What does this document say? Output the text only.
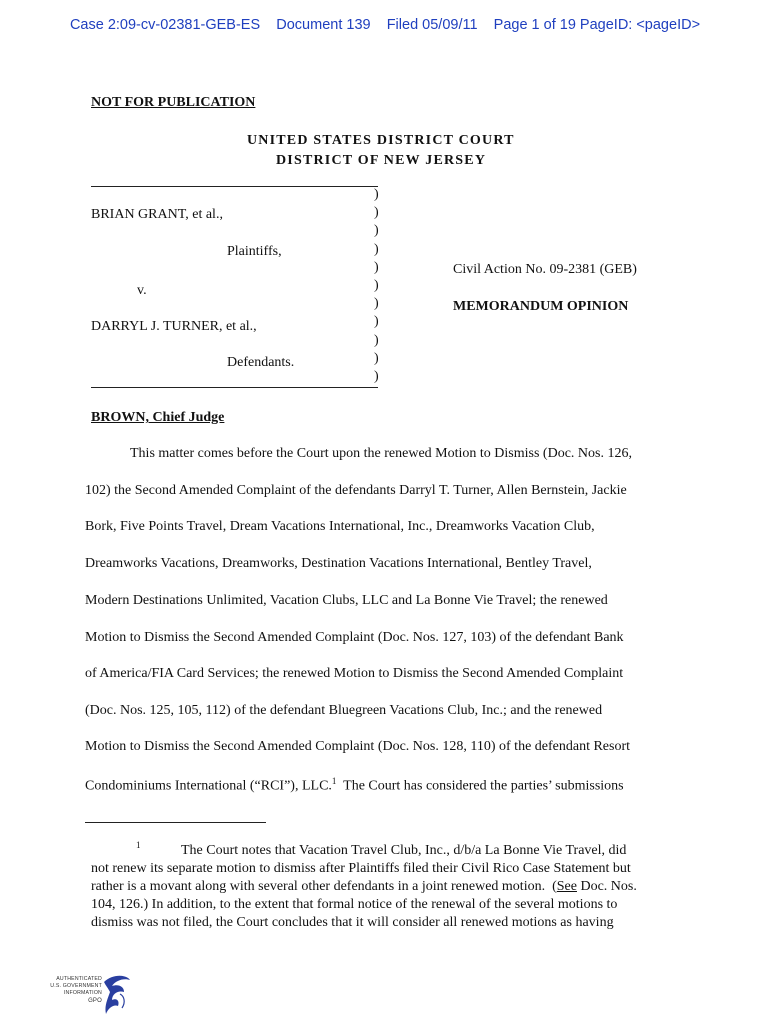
Case 2:09-cv-02381-GEB-ES Document 139 Filed 05/09/11 Page 1 of 19 PageID: <pageID>
NOT FOR PUBLICATION
UNITED STATES DISTRICT COURT
DISTRICT OF NEW JERSEY
BRIAN GRANT, et al.,
Plaintiffs,
v.
DARRYL J. TURNER, et al.,
Defendants.
)
)
)
)
)
)
)
)
)
)
)
Civil Action No. 09-2381 (GEB)
MEMORANDUM OPINION
BROWN, Chief Judge
This matter comes before the Court upon the renewed Motion to Dismiss (Doc. Nos. 126,
102) the Second Amended Complaint of the defendants Darryl T. Turner, Allen Bernstein, Jackie
Bork, Five Points Travel, Dream Vacations International, Inc., Dreamworks Vacation Club,
Dreamworks Vacations, Dreamworks, Destination Vacations International, Bentley Travel,
Modern Destinations Unlimited, Vacation Clubs, LLC and La Bonne Vie Travel; the renewed
Motion to Dismiss the Second Amended Complaint (Doc. Nos. 127, 103) of the defendant Bank
of America/FIA Card Services; the renewed Motion to Dismiss the Second Amended Complaint
(Doc. Nos. 125, 105, 112) of the defendant Bluegreen Vacations Club, Inc.; and the renewed
Motion to Dismiss the Second Amended Complaint (Doc. Nos. 128, 110) of the defendant Resort
Condominiums International (“RCI”), LLC.$^1$  The Court has considered the parties’ submissions
1	The Court notes that Vacation Travel Club, Inc., d/b/a La Bonne Vie Travel, did
not renew its separate motion to dismiss after Plaintiffs filed their Civil Rico Case Statement but
rather is a movant along with several other defendants in a joint renewed motion.  (See Doc. Nos.
104, 126.) In addition, to the extent that formal notice of the renewal of the several motions to
dismiss was not filed, the Court concludes that it will consider all renewed motions as having
AUTHENTICATED
U.S. GOVERNMENT
INFORMATION
GPO
